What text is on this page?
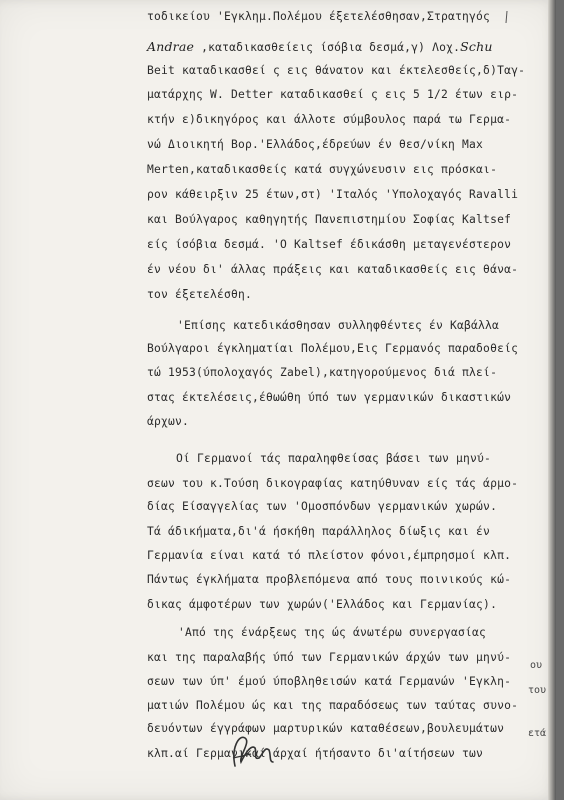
τοδικείου 'Εγκλημ.Πολέμου έξετελέσθησαν,Στρατηγός
Andrae ,καταδικασθείεις ίσόβια δεσμά,γ) Λοχ.Schu
Beit καταδικασθεί ς εις θάνατον και έκτελεσθείς,δ)Ταγ-
ματάρχης W. Detter καταδικασθεί ς εις 5 1/2 έτων ειρ-
κτήν ε)δικηγόρος και άλλοτε σύμβουλος παρά τω Γερμα-
νώ Διοικητή Βορ.'Ελλάδος,έδρεύων έν θεσ/νίκη Max
Merten,καταδικασθείς κατά συγχώνευσιν εις πρόσκαι-
ρον κάθειρξιν 25 έτων,στ) 'Ιταλός 'Υπολοχαγός Ravalli
και Βούλγαρος καθηγητής Πανεπιστημίου Σοφίας Kaltsef
είς ίσόβια δεσμά. 'Ο Kaltsef έδικάσθη μεταγενέστερον
έν νέου δι' άλλας πράξεις και καταδικασθείς εις θάνα-
τον έξετελέσθη.
'Επίσης κατεδικάσθησαν συλληφθέντες έν Καβάλλα
Βούλγαροι έγκληματίαι Πολέμου,Εις Γερμανός παραδοθείς
τώ 1953(ύπολοχαγός Zabel),κατηγορούμενος διά πλεί-
στας έκτελέσεις,έθωώθη ύπό των γερμανικών δικαστικών
άρχων.
Οί Γερμανοί τάς παραληφθείσας βάσει των μηνύ-
σεων του κ.Τούση δικογραφίας κατηύθυναν είς τάς άρμο-
δίας Είσαγγελίας των 'Ομοσπόνδων γερμανικών χωρών.
Τά άδικήματα,δι'ά ήσκήθη παράλληλος δίωξις και έν
Γερμανία είναι κατά τό πλείστον φόνοι,έμπρησμοί κλπ.
Πάντως έγκλήματα προβλεπόμενα από τους ποινικούς κώ-
δικας άμφοτέρων των χωρών('Ελλάδος και Γερμανίας).
'Από της ένάρξεως της ώς άνωτέρω συνεργασίας
και της παραλαβής ύπό των Γερμανικών άρχών των μηνύ-
σεων των ύπ' έμού ύποβληθεισών κατά Γερμανών 'Εγκλη-
ματιών Πολέμου ώς και της παραδόσεως των ταύτας συνο-
δευόντων έγγράφων μαρτυρικών καταθέσεων,βουλευμάτων
κλπ.αί Γερμανικαί άρχαί ήτήσαντο δι'αίτήσεων των
ου
του
ετά
